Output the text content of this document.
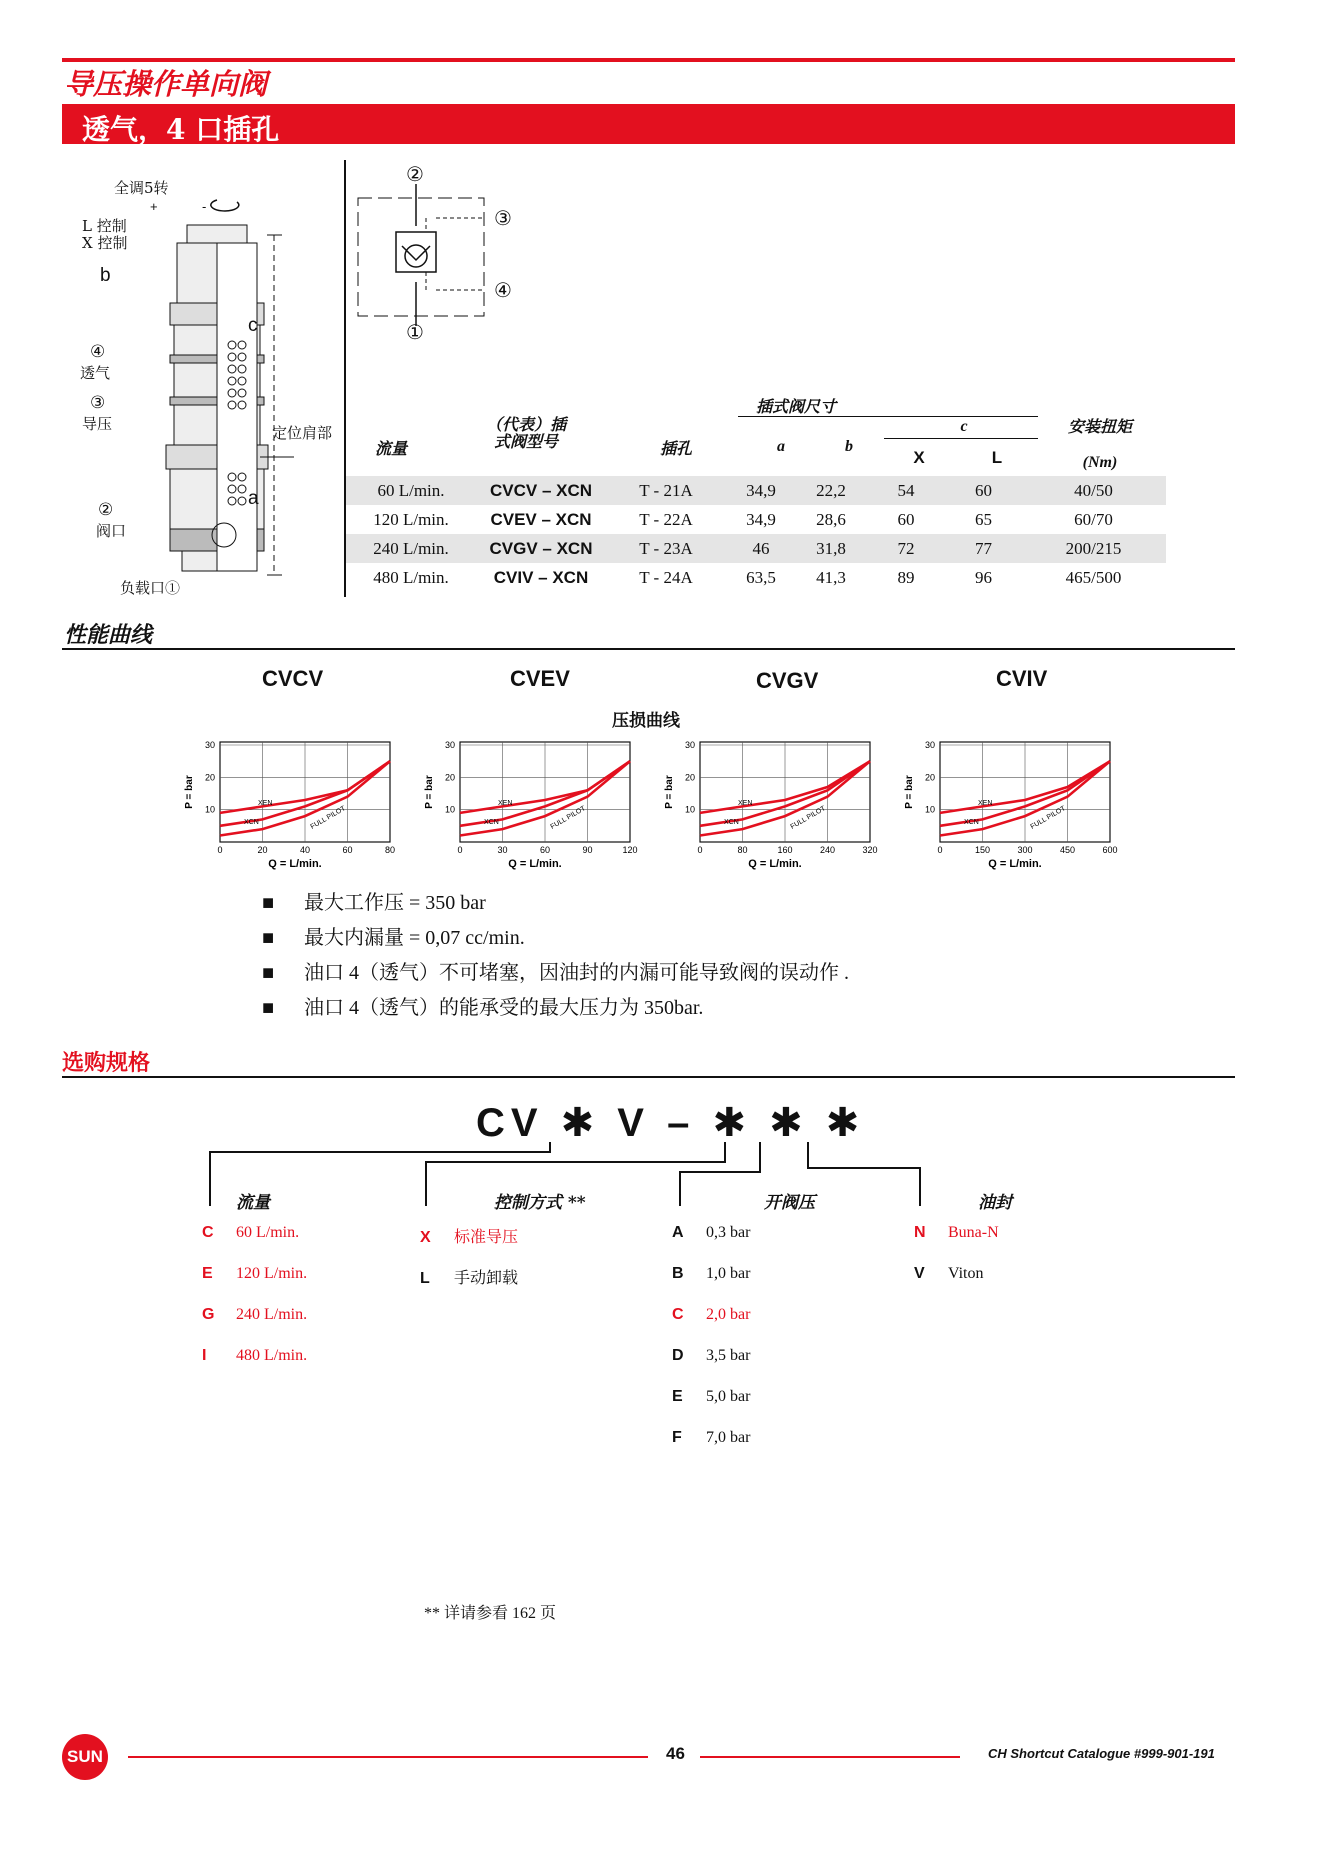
导压操作单向阀
透气，4 口插孔
全调5转
+	-
L 控制
X 控制
b
c
a
④
透气
③
导压	定位肩部
②
阀口
负载口①
②
③
④
①
插式阀尺寸
c
流量
（代表）插式阀型号	插孔	a	b
X	L
安装扭矩
(Nm)
60 L/min.	CVCV – XCN	T - 21A	34,9	22,2	54	60	40/50
120 L/min.	CVEV – XCN	T - 22A	34,9	28,6	60	65	60/70
240 L/min.	CVGV – XCN	T - 23A	46	31,8	72	77	200/215
480 L/min.	CVIV – XCN	T - 24A	63,5	41,3	89	96	465/500
性能曲线
CVCV	CVEV	CVGV	CVIV
压损曲线
0	20	40	60	80
10
20
30
XEN
XCN	FULL PILOT
P = bar
Q = L/min.
0	30	60	90	120
10
20
30
XEN
XCN	FULL PILOT
P = bar
Q = L/min.
0	80	160	240	320
10
20
30
XEN
XCN	FULL PILOT
P = bar
Q = L/min.
0	150	300	450	600
10
20
30
XEN
XCN	FULL PILOT
P = bar
Q = L/min.
■ 最大工作压 = 350 bar
■ 最大内漏量 = 0,07 cc/min.
■ 油口 4（透气）不可堵塞，因油封的内漏可能导致阀的误动作 .
■ 油口 4（透气）的能承受的最大压力为 350bar.
选购规格
CV ✱ V – ✱ ✱ ✱
流量	控制方式 **	开阀压	油封
C 60 L/min.
E 120 L/min.
G 240 L/min.
I 480 L/min.
X 标准导压
L 手动卸载
A 0,3 bar
B 1,0 bar
C 2,0 bar
D 3,5 bar
E 5,0 bar
F 7,0 bar
N Buna-N
V Viton
** 详请参看 162 页
SUN	46	CH Shortcut Catalogue #999-901-191
